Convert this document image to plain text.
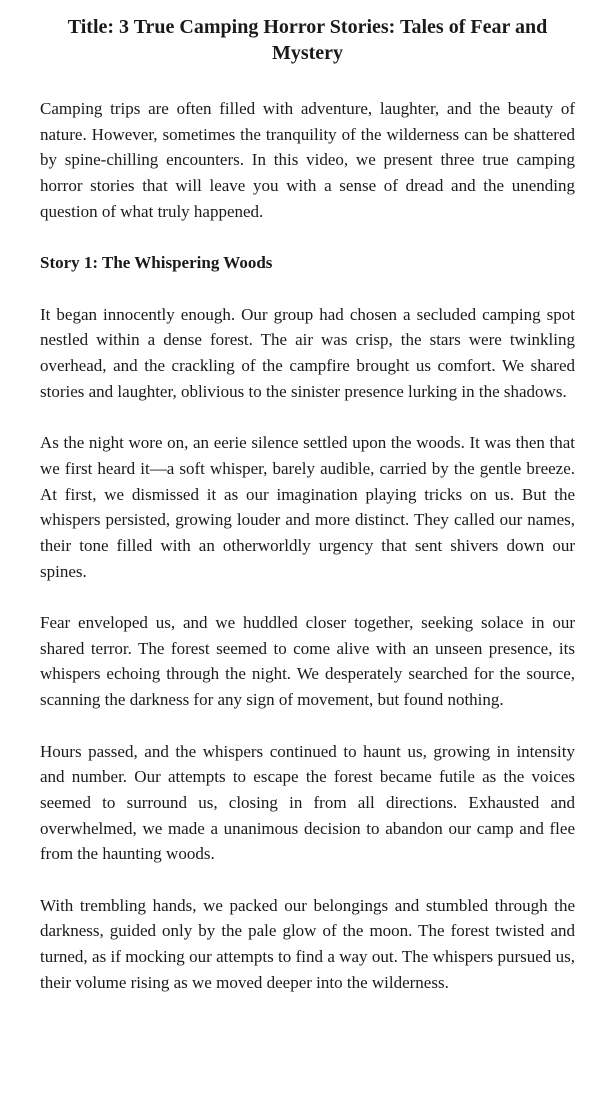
Title: 3 True Camping Horror Stories: Tales of Fear and Mystery

Camping trips are often filled with adventure, laughter, and the beauty of nature. However, sometimes the tranquility of the wilderness can be shattered by spine-chilling encounters. In this video, we present three true camping horror stories that will leave you with a sense of dread and the unending question of what truly happened.

Story 1: The Whispering Woods

It began innocently enough. Our group had chosen a secluded camping spot nestled within a dense forest. The air was crisp, the stars were twinkling overhead, and the crackling of the campfire brought us comfort. We shared stories and laughter, oblivious to the sinister presence lurking in the shadows.

As the night wore on, an eerie silence settled upon the woods. It was then that we first heard it—a soft whisper, barely audible, carried by the gentle breeze. At first, we dismissed it as our imagination playing tricks on us. But the whispers persisted, growing louder and more distinct. They called our names, their tone filled with an otherworldly urgency that sent shivers down our spines.

Fear enveloped us, and we huddled closer together, seeking solace in our shared terror. The forest seemed to come alive with an unseen presence, its whispers echoing through the night. We desperately searched for the source, scanning the darkness for any sign of movement, but found nothing.

Hours passed, and the whispers continued to haunt us, growing in intensity and number. Our attempts to escape the forest became futile as the voices seemed to surround us, closing in from all directions. Exhausted and overwhelmed, we made a unanimous decision to abandon our camp and flee from the haunting woods.

With trembling hands, we packed our belongings and stumbled through the darkness, guided only by the pale glow of the moon. The forest twisted and turned, as if mocking our attempts to find a way out. The whispers pursued us, their volume rising as we moved deeper into the wilderness.
